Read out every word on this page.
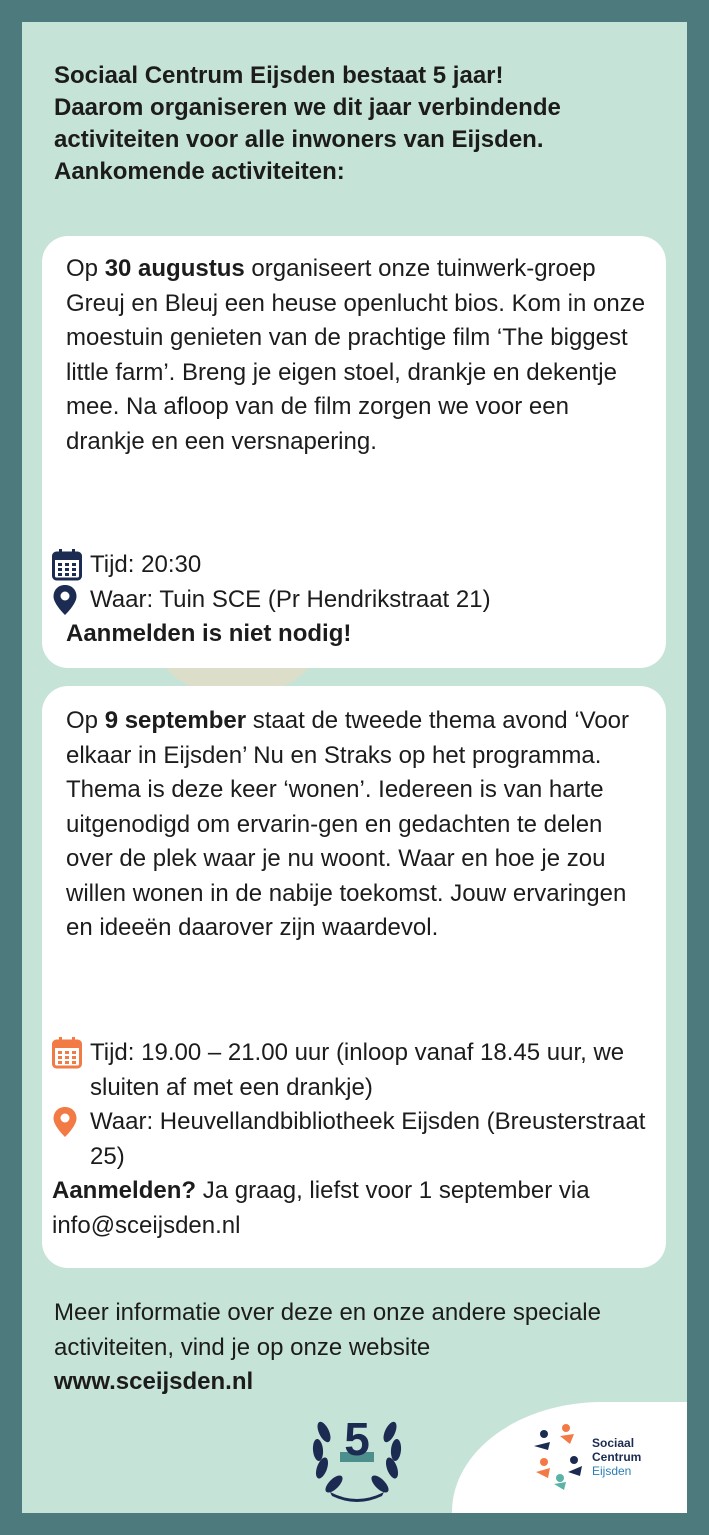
Sociaal Centrum Eijsden bestaat 5 jaar!
Daarom organiseren we dit jaar verbindende
activiteiten voor alle inwoners van Eijsden.
Aankomende activiteiten:

Op 30 augustus organiseert onze tuinwerk-groep Greuj en Bleuj een heuse openlucht bios. Kom in onze moestuin genieten van de prachtige film ‘The biggest little farm’. Breng je eigen stoel, drankje en dekentje mee. Na afloop van de film zorgen we voor een drankje en een versnapering.

Tijd: 20:30
Waar: Tuin SCE (Pr Hendrikstraat 21)
Aanmelden is niet nodig!

Op 9 september staat de tweede thema avond ‘Voor elkaar in Eijsden’ Nu en Straks op het programma. Thema is deze keer ‘wonen’. Iedereen is van harte uitgenodigd om ervarin-gen en gedachten te delen over de plek waar je nu woont. Waar en hoe je zou willen wonen in de nabije toekomst. Jouw ervaringen en ideeën daarover zijn waardevol.

Tijd: 19.00 – 21.00 uur (inloop vanaf 18.45 uur, we sluiten af met een drankje)
Waar: Heuvellandbibliotheek Eijsden (Breusterstraat 25)
Aanmelden? Ja graag, liefst voor 1 september via info@sceijsden.nl

Meer informatie over deze en onze andere speciale activiteiten, vind je op onze website
www.sceijsden.nl

5	Sociaal
Centrum
Eijsden
